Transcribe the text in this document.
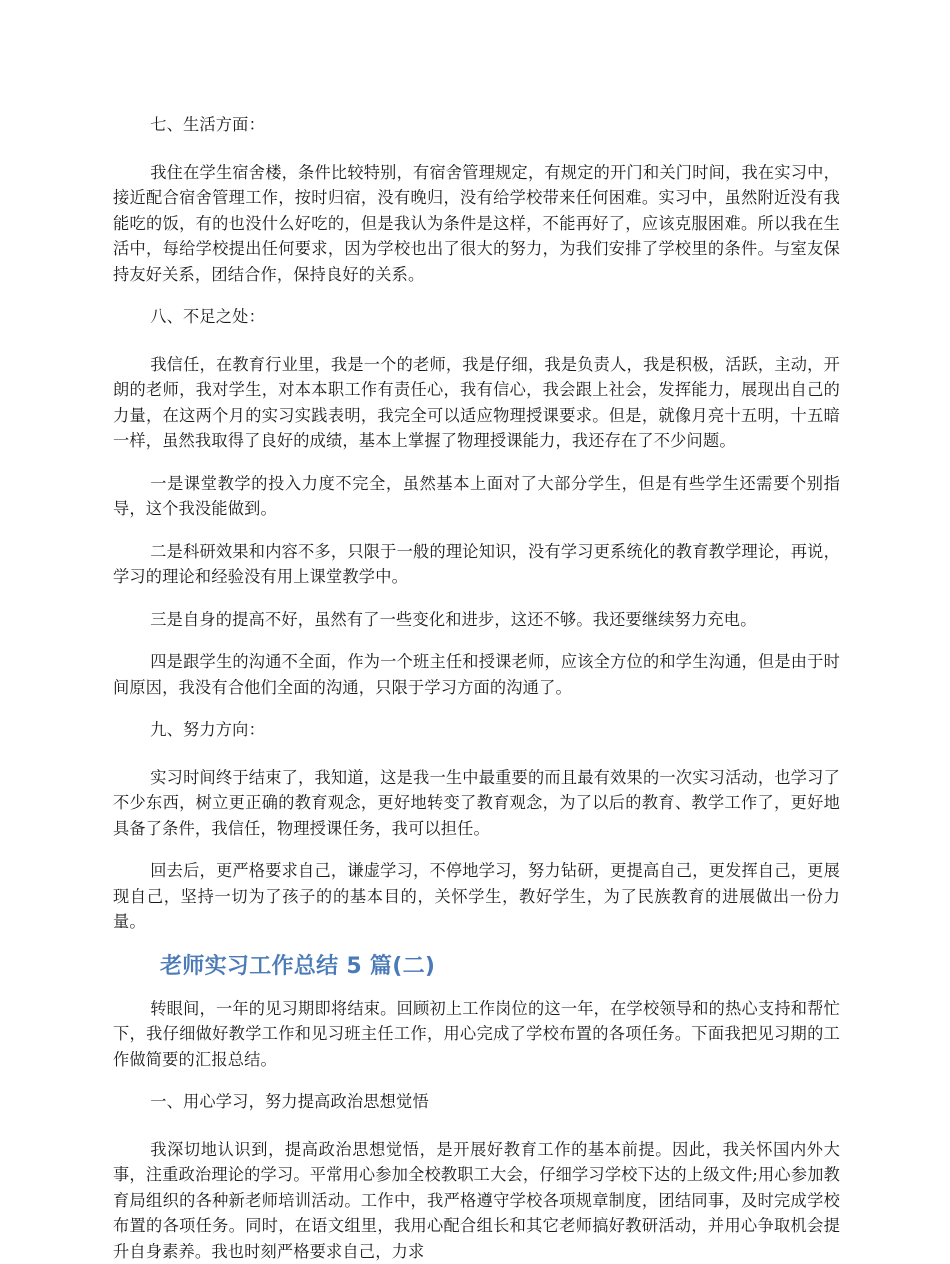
七、生活方面：

我住在学生宿舍楼，条件比较特别，有宿舍管理规定，有规定的开门和关门时间，我在实习中，接近配合宿舍管理工作，按时归宿，没有晚归，没有给学校带来任何困难。实习中，虽然附近没有我能吃的饭，有的也没什么好吃的，但是我认为条件是这样，不能再好了，应该克服困难。所以我在生活中，每给学校提出任何要求，因为学校也出了很大的努力，为我们安排了学校里的条件。与室友保持友好关系，团结合作，保持良好的关系。

八、不足之处：

我信任，在教育行业里，我是一个的老师，我是仔细，我是负责人，我是积极，活跃，主动，开朗的老师，我对学生，对本本职工作有责任心，我有信心，我会跟上社会，发挥能力，展现出自己的力量，在这两个月的实习实践表明，我完全可以适应物理授课要求。但是，就像月亮十五明，十五暗一样，虽然我取得了良好的成绩，基本上掌握了物理授课能力，我还存在了不少问题。

一是课堂教学的投入力度不完全，虽然基本上面对了大部分学生，但是有些学生还需要个别指导，这个我没能做到。

二是科研效果和内容不多，只限于一般的理论知识，没有学习更系统化的教育教学理论，再说，学习的理论和经验没有用上课堂教学中。

三是自身的提高不好，虽然有了一些变化和进步，这还不够。我还要继续努力充电。

四是跟学生的沟通不全面，作为一个班主任和授课老师，应该全方位的和学生沟通，但是由于时间原因，我没有合他们全面的沟通，只限于学习方面的沟通了。

九、努力方向：

实习时间终于结束了，我知道，这是我一生中最重要的而且最有效果的一次实习活动，也学习了不少东西，树立更正确的教育观念，更好地转变了教育观念，为了以后的教育、教学工作了，更好地具备了条件，我信任，物理授课任务，我可以担任。

回去后，更严格要求自己，谦虚学习，不停地学习，努力钻研，更提高自己，更发挥自己，更展现自己，坚持一切为了孩子的的基本目的，关怀学生，教好学生，为了民族教育的进展做出一份力量。

老师实习工作总结 5 篇(二)

转眼间，一年的见习期即将结束。回顾初上工作岗位的这一年，在学校领导和的热心支持和帮忙下，我仔细做好教学工作和见习班主任工作，用心完成了学校布置的各项任务。下面我把见习期的工作做简要的汇报总结。

一、用心学习，努力提高政治思想觉悟

我深切地认识到，提高政治思想觉悟，是开展好教育工作的基本前提。因此，我关怀国内外大事，注重政治理论的学习。平常用心参加全校教职工大会，仔细学习学校下达的上级文件;用心参加教育局组织的各种新老师培训活动。工作中，我严格遵守学校各项规章制度，团结同事，及时完成学校布置的各项任务。同时，在语文组里，我用心配合组长和其它老师搞好教研活动，并用心争取机会提升自身素养。我也时刻严格要求自己，力求
